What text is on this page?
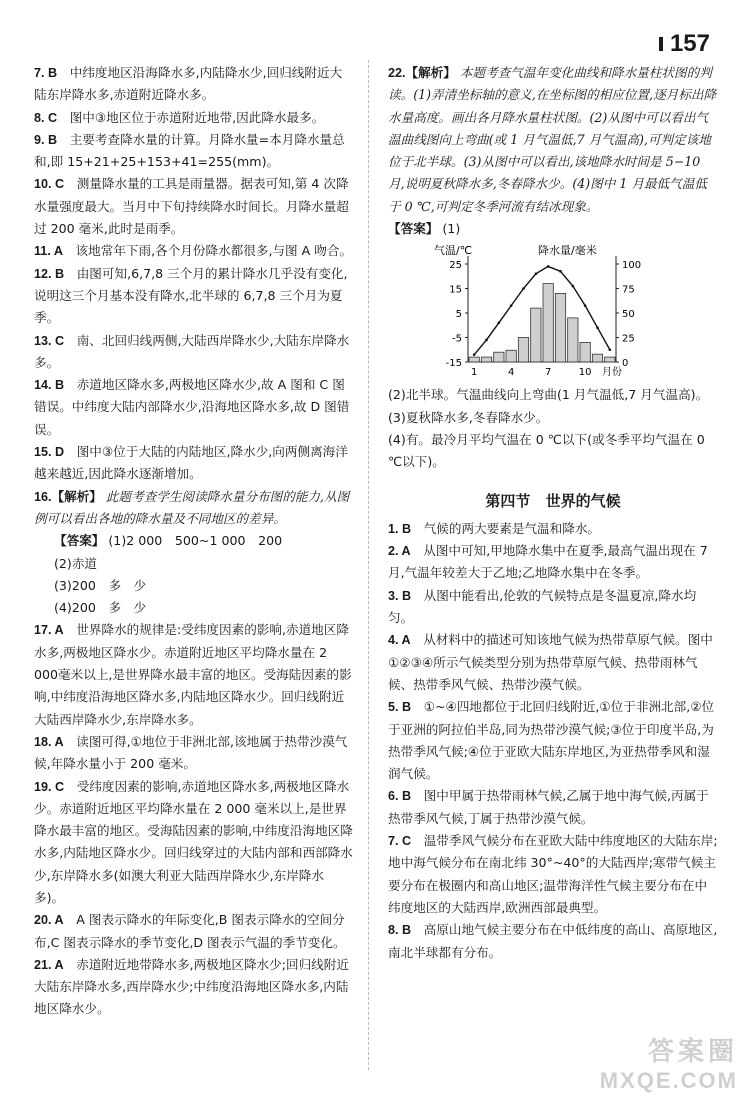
157
7. B　 中纬度地区沿海降水多,内陆降水少,回归线附近大陆东岸降水多,赤道附近降水多。
8. C　 图中③地区位于赤道附近地带,因此降水最多。
9. B　 主要考查降水量的计算。月降水量=本月降水量总和,即 15+21+25+153+41=255(mm)。
10. C　 测量降水量的工具是雨量器。据表可知,第 4 次降水量强度最大。当月中下旬持续降水时间长。月降水量超过 200 毫米,此时是雨季。
11. A　 该地常年下雨,各个月份降水都很多,与图 A 吻合。
12. B　 由图可知,6,7,8 三个月的累计降水几乎没有变化,说明这三个月基本没有降水,北半球的 6,7,8 三个月为夏季。
13. C　 南、北回归线两侧,大陆西岸降水少,大陆东岸降水多。
14. B　 赤道地区降水多,两极地区降水少,故 A 图和 C 图错误。中纬度大陆内部降水少,沿海地区降水多,故 D 图错误。
15. D　 图中③位于大陆的内陆地区,降水少,向两侧离海洋越来越近,因此降水逐渐增加。
16.【解析】 此题考查学生阅读降水量分布图的能力,从图例可以看出各地的降水量及不同地区的差异。
【答案】 (1)2 000　500~1 000　200
(2)赤道
(3)200　多　少
(4)200　多　少
17. A　 世界降水的规律是:受纬度因素的影响,赤道地区降水多,两极地区降水少。赤道附近地区平均降水量在 2 000毫米以上,是世界降水最丰富的地区。受海陆因素的影响,中纬度沿海地区降水多,内陆地区降水少。回归线附近大陆西岸降水少,东岸降水多。
18. A　 读图可得,①地位于非洲北部,该地属于热带沙漠气候,年降水量小于 200 毫米。
19. C　 受纬度因素的影响,赤道地区降水多,两极地区降水少。赤道附近地区平均降水量在 2 000 毫米以上,是世界降水最丰富的地区。受海陆因素的影响,中纬度沿海地区降水多,内陆地区降水少。回归线穿过的大陆内部和西部降水少,东岸降水多(如澳大利亚大陆西岸降水少,东岸降水多)。
20. A　 A 图表示降水的年际变化,B 图表示降水的空间分布,C 图表示降水的季节变化,D 图表示气温的季节变化。
21. A　 赤道附近地带降水多,两极地区降水少;回归线附近大陆东岸降水多,西岸降水少;中纬度沿海地区降水多,内陆地区降水少。
22.【解析】 本题考查气温年变化曲线和降水量柱状图的判读。(1)弄清坐标轴的意义,在坐标图的相应位置,逐月标出降水量高度。画出各月降水量柱状图。(2)从图中可以看出气温曲线图向上弯曲(或 1 月气温低,7 月气温高),可判定该地位于北半球。(3)从图中可以看出,该地降水时间是 5−10 月,说明夏秋降水多,冬春降水少。(4)图中 1 月最低气温低于 0 ℃,可判定冬季河流有结冰现象。
【答案】 (1)
气温/℃	降水量/毫米
25
15
5
-5
-15
100
75
50
25
0
1	4	7	10 月份
(2)北半球。气温曲线向上弯曲(1 月气温低,7 月气温高)。
(3)夏秋降水多,冬春降水少。
(4)有。最冷月平均气温在 0 ℃以下(或冬季平均气温在 0 ℃以下)。
第四节 世界的气候
1. B　 气候的两大要素是气温和降水。
2. A　 从图中可知,甲地降水集中在夏季,最高气温出现在 7 月,气温年较差大于乙地;乙地降水集中在冬季。
3. B　 从图中能看出,伦敦的气候特点是冬温夏凉,降水均匀。
4. A　 从材料中的描述可知该地气候为热带草原气候。图中①②③④所示气候类型分别为热带草原气候、热带雨林气候、热带季风气候、热带沙漠气候。
5. B　 ①~④四地都位于北回归线附近,①位于非洲北部,②位于亚洲的阿拉伯半岛,同为热带沙漠气候;③位于印度半岛,为热带季风气候;④位于亚欧大陆东岸地区,为亚热带季风和湿润气候。
6. B　 图中甲属于热带雨林气候,乙属于地中海气候,丙属于热带季风气候,丁属于热带沙漠气候。
7. C　 温带季风气候分布在亚欧大陆中纬度地区的大陆东岸;地中海气候分布在南北纬 30°~40°的大陆西岸;寒带气候主要分布在极圈内和高山地区;温带海洋性气候主要分布在中纬度地区的大陆西岸,欧洲西部最典型。
8. B　 高原山地气候主要分布在中低纬度的高山、高原地区,南北半球都有分布。
答案圈
MXQE.COM
